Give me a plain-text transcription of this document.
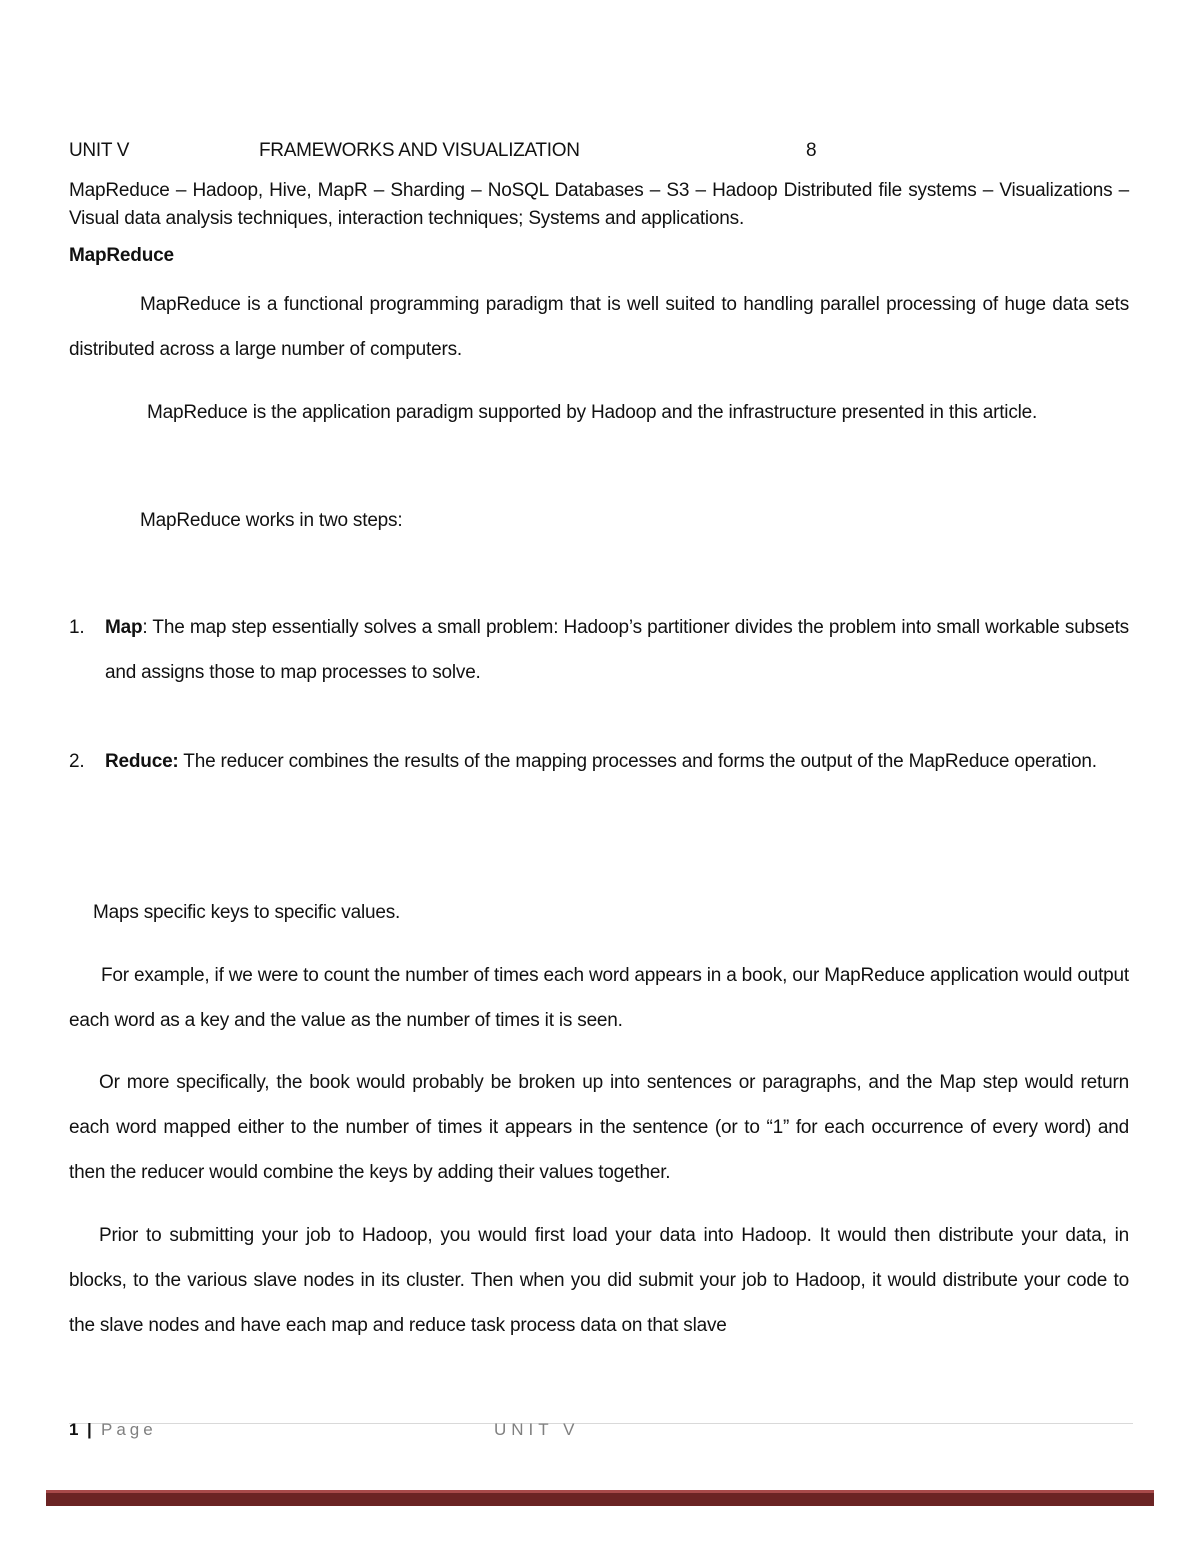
UNIT V	FRAMEWORKS AND VISUALIZATION	8
MapReduce – Hadoop, Hive, MapR – Sharding – NoSQL Databases – S3 – Hadoop Distributed file systems – Visualizations – Visual data analysis techniques, interaction techniques; Systems and applications.
MapReduce

MapReduce is a functional programming paradigm that is well suited to handling parallel processing of huge data sets distributed across a large number of computers.

MapReduce is the application paradigm supported by Hadoop and the infrastructure presented in this article.

MapReduce works in two steps:

1. Map: The map step essentially solves a small problem: Hadoop’s partitioner divides the problem into small workable subsets and assigns those to map processes to solve.
2. Reduce: The reducer combines the results of the mapping processes and forms the output of the MapReduce operation.

Maps specific keys to specific values.

For example, if we were to count the number of times each word appears in a book, our MapReduce application would output each word as a key and the value as the number of times it is seen.

Or more specifically, the book would probably be broken up into sentences or paragraphs, and the Map step would return each word mapped either to the number of times it appears in the sentence (or to “1” for each occurrence of every word) and then the reducer would combine the keys by adding their values together.

Prior to submitting your job to Hadoop, you would first load your data into Hadoop. It would then distribute your data, in blocks, to the various slave nodes in its cluster. Then when you did submit your job to Hadoop, it would distribute your code to the slave nodes and have each map and reduce task process data on that slave

1 | Page	UNIT V
